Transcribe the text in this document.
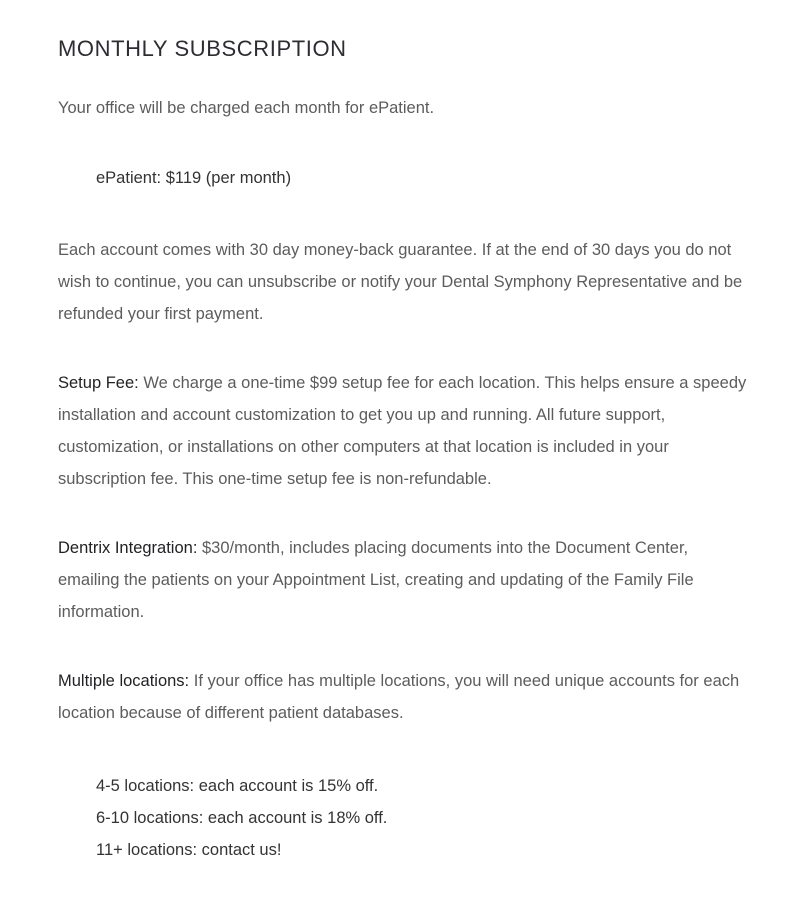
MONTHLY SUBSCRIPTION

Your office will be charged each month for ePatient.

ePatient: $119 (per month)

Each account comes with 30 day money-back guarantee. If at the end of 30 days you do not wish to continue, you can unsubscribe or notify your Dental Symphony Representative and be refunded your first payment.

Setup Fee: We charge a one-time $99 setup fee for each location. This helps ensure a speedy installation and account customization to get you up and running. All future support, customization, or installations on other computers at that location is included in your subscription fee. This one-time setup fee is non-refundable.

Dentrix Integration: $30/month, includes placing documents into the Document Center, emailing the patients on your Appointment List, creating and updating of the Family File information.

Multiple locations: If your office has multiple locations, you will need unique accounts for each location because of different patient databases.

4-5 locations: each account is 15% off.

6-10 locations: each account is 18% off.

11+ locations: contact us!
